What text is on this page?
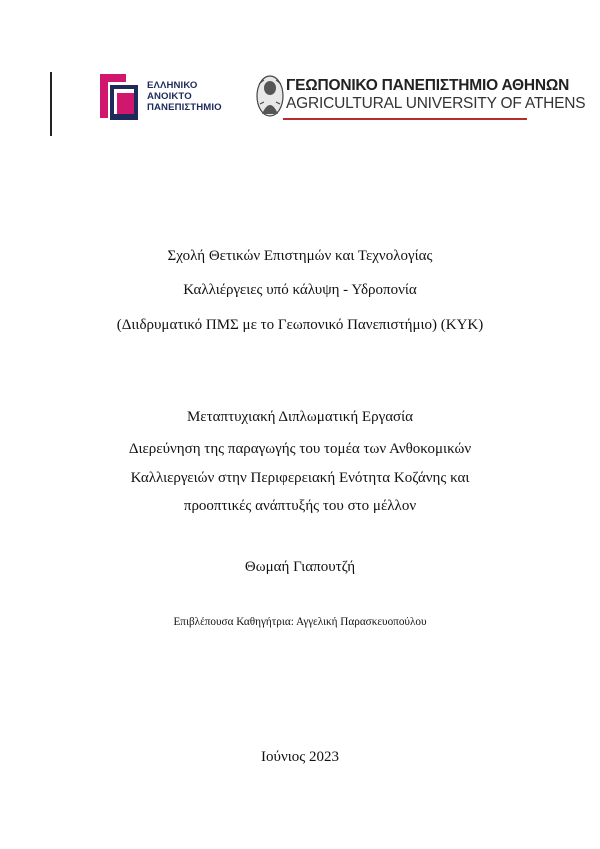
ΕΛΛΗΝΙΚΟ
ΑΝΟΙΚΤΟ
ΠΑΝΕΠΙΣΤΗΜΙΟ
ΓΕΩΠΟΝΙΚΟ ΠΑΝΕΠΙΣΤΗΜΙΟ ΑΘΗΝΩΝ
AGRICULTURAL UNIVERSITY OF ATHENS
Σχολή Θετικών Επιστημών και Τεχνολογίας
Καλλιέργειες υπό κάλυψη - Υδροπονία
(Διιδρυματικό ΠΜΣ με το Γεωπονικό Πανεπιστήμιο) (ΚΥΚ)
Μεταπτυχιακή Διπλωματική Εργασία
Διερεύνηση της παραγωγής του τομέα των Ανθοκομικών
Καλλιεργειών στην Περιφερειακή Ενότητα Κοζάνης και
προοπτικές ανάπτυξής του στο μέλλον
Θωμαή Γιαπουτζή
Επιβλέπουσα Καθηγήτρια: Αγγελική Παρασκευοπούλου
Ιούνιος 2023
